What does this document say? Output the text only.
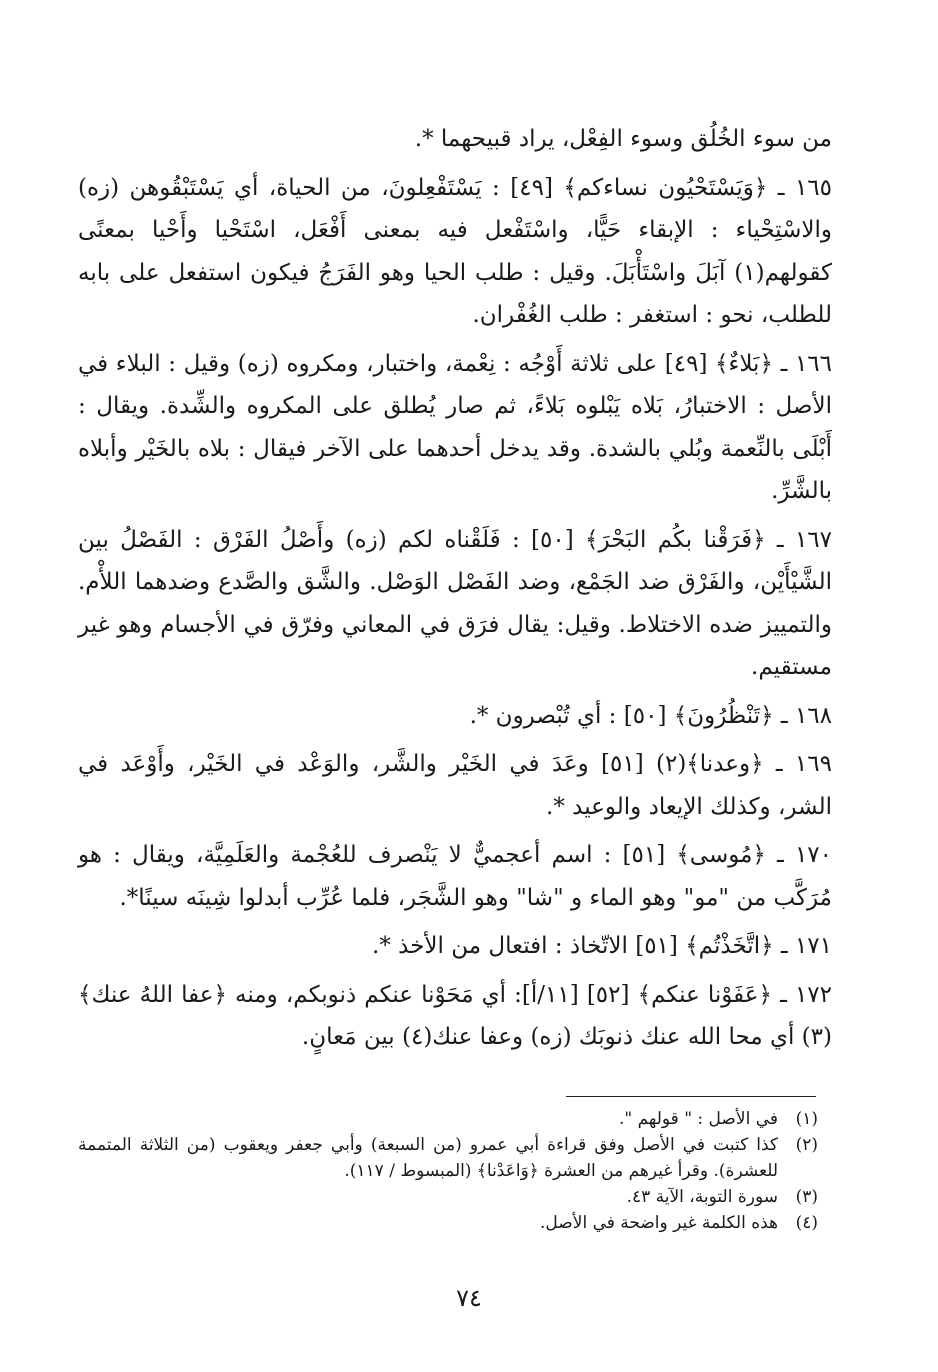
من سوء الخُلُق وسوء الفِعْل، يراد قبيحهما *.

١٦٥ ـ ﴿وَيَسْتَحْيُون نساءكم﴾ [٤٩] : يَسْتَفْعِلونَ، من الحياة، أي يَسْتَبْقُوهن (زه) والاسْتِحْياء : الإبقاء حَيًّا، واسْتَفْعل فيه بمعنى أَفْعَل، اسْتَحْيا وأَحْيا بمعنًى كقولهم(١) آبَلَ واسْتَأْبَلَ. وقيل : طلب الحيا وهو الفَرَجُ فيكون استفعل على بابه للطلب، نحو : استغفر : طلب الغُفْران.

١٦٦ ـ ﴿بَلاءٌ﴾ [٤٩] على ثلاثة أَوْجُه : نِعْمة، واختبار، ومكروه (زه) وقيل : البلاء في الأصل : الاختبارُ، بَلاه يَبْلوه بَلاءً، ثم صار يُطلق على المكروه والشِّدة. ويقال : أَبْلَى بالنِّعمة وبُلي بالشدة. وقد يدخل أحدهما على الآخر فيقال : بلاه بالخَيْر وأبلاه بالشَّرِّ.

١٦٧ ـ ﴿فَرَقْنا بكُم البَحْرَ﴾ [٥٠] : فَلَقْناه لكم (زه) وأَصْلُ الفَرْق : الفَصْلُ بين الشَّيْأَيْن، والفَرْق ضد الجَمْع، وضد الفَصْل الوَصْل. والشَّق والصَّدع وضدهما اللأْم. والتمييز ضده الاختلاط. وقيل: يقال فرَق في المعاني وفرّق في الأجسام وهو غير مستقيم.

١٦٨ ـ ﴿تَنْظُرُونَ﴾ [٥٠] : أي تُبْصرون *.

١٦٩ ـ ﴿وعدنا﴾(٢) [٥١] وعَدَ في الخَيْر والشَّر، والوَعْد في الخَيْر، وأَوْعَد في الشر، وكذلك الإيعاد والوعيد *.

١٧٠ ـ ﴿مُوسى﴾ [٥١] : اسم أعجميٌّ لا يَنْصرف للعُجْمة والعَلَمِيَّة، ويقال : هو مُرَكَّب من "مو" وهو الماء و "شا" وهو الشَّجَر، فلما عُرِّب أبدلوا شِينَه سينًا*.

١٧١ ـ ﴿اتَّخَذْتُم﴾ [٥١] الاتّخاذ : افتعال من الأخذ *.

١٧٢ ـ ﴿عَفَوْنا عنكم﴾ [٥٢] [١١/أ]: أي مَحَوْنا عنكم ذنوبكم، ومنه ﴿عفا اللهُ عنك﴾(٣) أي محا الله عنك ذنوبَك (زه) وعفا عنك(٤) بين مَعانٍ.

(١)
في الأصل : " قولهم ".
(٢)
كذا كتبت في الأصل وفق قراءة أبي عمرو (من السبعة) وأبي جعفر ويعقوب (من الثلاثة المتممة للعشرة). وقرأ غيرهم من العشرة ﴿وَاعَدْنا﴾ (المبسوط / ١١٧).
(٣)
سورة التوبة، الآية ٤٣.
(٤)
هذه الكلمة غير واضحة في الأصل.
٧٤
